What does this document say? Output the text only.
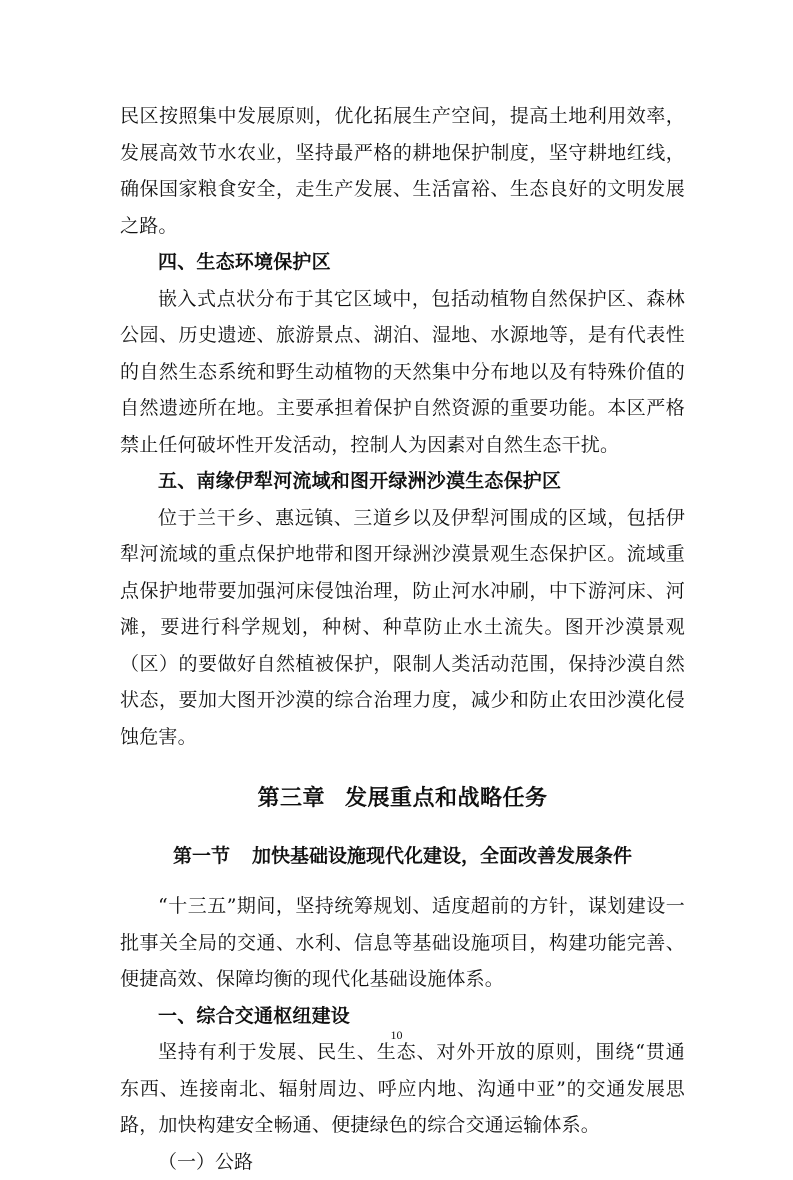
民区按照集中发展原则，优化拓展生产空间，提高土地利用效率，发展高效节水农业，坚持最严格的耕地保护制度，坚守耕地红线，确保国家粮食安全，走生产发展、生活富裕、生态良好的文明发展之路。

四、生态环境保护区

嵌入式点状分布于其它区域中，包括动植物自然保护区、森林公园、历史遗迹、旅游景点、湖泊、湿地、水源地等，是有代表性的自然生态系统和野生动植物的天然集中分布地以及有特殊价值的自然遗迹所在地。主要承担着保护自然资源的重要功能。本区严格禁止任何破坏性开发活动，控制人为因素对自然生态干扰。

五、南缘伊犁河流域和图开绿洲沙漠生态保护区

位于兰干乡、惠远镇、三道乡以及伊犁河围成的区域，包括伊犁河流域的重点保护地带和图开绿洲沙漠景观生态保护区。流域重点保护地带要加强河床侵蚀治理，防止河水冲刷，中下游河床、河滩，要进行科学规划，种树、种草防止水土流失。图开沙漠景观（区）的要做好自然植被保护，限制人类活动范围，保持沙漠自然状态，要加大图开沙漠的综合治理力度，减少和防止农田沙漠化侵蚀危害。

第三章 发展重点和战略任务
第一节 加快基础设施现代化建设，全面改善发展条件

“十三五”期间，坚持统筹规划、适度超前的方针，谋划建设一批事关全局的交通、水利、信息等基础设施项目，构建功能完善、便捷高效、保障均衡的现代化基础设施体系。

一、综合交通枢纽建设

坚持有利于发展、民生、生态、对外开放的原则，围绕“贯通东西、连接南北、辐射周边、呼应内地、沟通中亚”的交通发展思路，加快构建安全畅通、便捷绿色的综合交通运输体系。

（一）公路

10
